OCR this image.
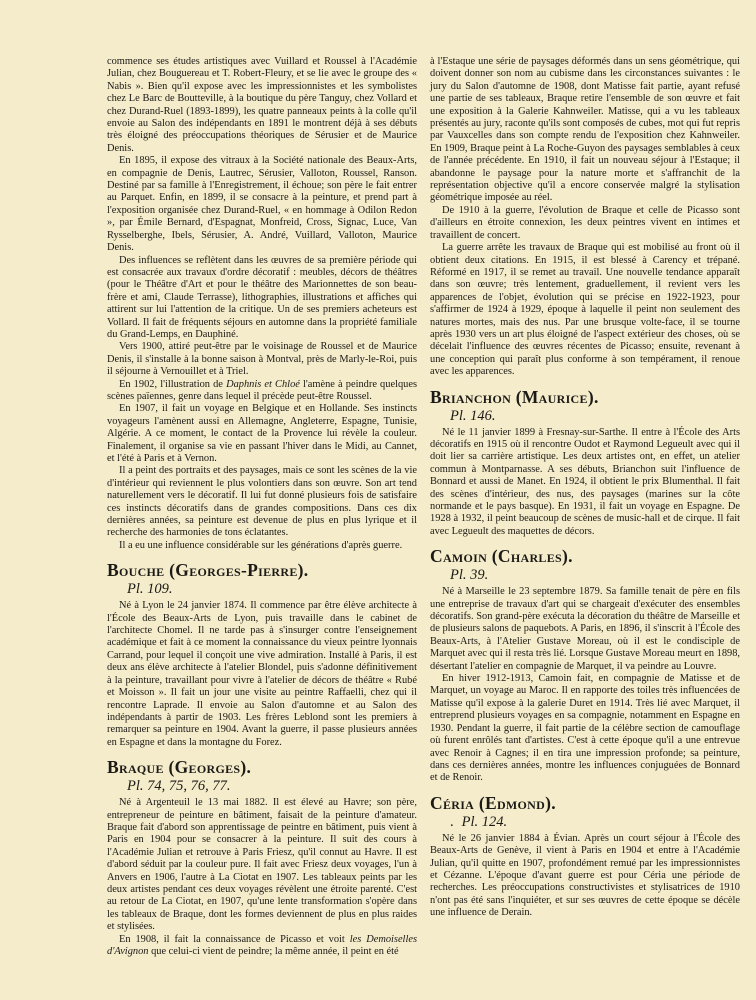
commence ses études artistiques avec Vuillard et Roussel à l'Académie Julian, chez Bouguereau et T. Robert-Fleury, et se lie avec le groupe des « Nabis ». Bien qu'il expose avec les impressionnistes et les symbolistes chez Le Barc de Boutteville, à la boutique du père Tanguy, chez Vollard et chez Durand-Ruel (1893-1899), les quatre panneaux peints à la colle qu'il envoie au Salon des indépendants en 1891 le montrent déjà à ses débuts très éloigné des préoccupations théoriques de Sérusier et de Maurice Denis.

En 1895, il expose des vitraux à la Société nationale des Beaux-Arts, en compagnie de Denis, Lautrec, Sérusier, Valloton, Roussel, Ranson. Destiné par sa famille à l'Enregistrement, il échoue; son père le fait entrer au Parquet. Enfin, en 1899, il se consacre à la peinture, et prend part à l'exposition organisée chez Durand-Ruel, « en hommage à Odilon Redon », par Émile Bernard, d'Espagnat, Monfreid, Cross, Signac, Luce, Van Rysselberghe, Ibels, Sérusier, A. André, Vuillard, Valloton, Maurice Denis.

Des influences se reflètent dans les œuvres de sa première période qui est consacrée aux travaux d'ordre décoratif : meubles, décors de théâtres (pour le Théâtre d'Art et pour le théâtre des Marionnettes de son beau-frère et ami, Claude Terrasse), lithographies, illustrations et affiches qui attirent sur lui l'attention de la critique. Un de ses premiers acheteurs est Vollard. Il fait de fréquents séjours en automne dans la propriété familiale du Grand-Lemps, en Dauphiné.

Vers 1900, attiré peut-être par le voisinage de Roussel et de Maurice Denis, il s'installe à la bonne saison à Montval, près de Marly-le-Roi, puis il séjourne à Vernouillet et à Triel.

En 1902, l'illustration de Daphnis et Chloé l'amène à peindre quelques scènes païennes, genre dans lequel il précède peut-être Roussel.

En 1907, il fait un voyage en Belgique et en Hollande. Ses instincts voyageurs l'amènent aussi en Allemagne, Angleterre, Espagne, Tunisie, Algérie. A ce moment, le contact de la Provence lui révèle la couleur. Finalement, il organise sa vie en passant l'hiver dans le Midi, au Cannet, et l'été à Paris et à Vernon.

Il a peint des portraits et des paysages, mais ce sont les scènes de la vie d'intérieur qui reviennent le plus volontiers dans son œuvre. Son art tend naturellement vers le décoratif. Il lui fut donné plusieurs fois de satisfaire ces instincts décoratifs dans de grandes compositions. Dans ces dix dernières années, sa peinture est devenue de plus en plus lyrique et il recherche des harmonies de tons éclatantes.

Il a eu une influence considérable sur les générations d'après guerre.

Bouche (Georges-Pierre).
Pl. 109.

Né à Lyon le 24 janvier 1874. Il commence par être élève architecte à l'École des Beaux-Arts de Lyon, puis travaille dans le cabinet de l'architecte Chomel. Il ne tarde pas à s'insurger contre l'enseignement académique et fait à ce moment la connaissance du vieux peintre lyonnais Carrand, pour lequel il conçoit une vive admiration. Installé à Paris, il est deux ans élève architecte à l'atelier Blondel, puis s'adonne définitivement à la peinture, travaillant pour vivre à l'atelier de décors de théâtre « Rubé et Moisson ». Il fait un jour une visite au peintre Raffaelli, chez qui il rencontre Laprade. Il envoie au Salon d'automne et au Salon des indépendants à partir de 1903. Les frères Leblond sont les premiers à remarquer sa peinture en 1904. Avant la guerre, il passe plusieurs années en Espagne et dans la montagne du Forez.

Braque (Georges).
Pl. 74, 75, 76, 77.

Né à Argenteuil le 13 mai 1882. Il est élevé au Havre; son père, entrepreneur de peinture en bâtiment, faisait de la peinture d'amateur. Braque fait d'abord son apprentissage de peintre en bâtiment, puis vient à Paris en 1904 pour se consacrer à la peinture. Il suit des cours à l'Académie Julian et retrouve à Paris Friesz, qu'il connut au Havre. Il est d'abord séduit par la couleur pure. Il fait avec Friesz deux voyages, l'un à Anvers en 1906, l'autre à La Ciotat en 1907. Les tableaux peints par les deux artistes pendant ces deux voyages révèlent une étroite parenté. C'est au retour de La Ciotat, en 1907, qu'une lente transformation s'opère dans les tableaux de Braque, dont les formes deviennent de plus en plus raides et stylisées.

En 1908, il fait la connaissance de Picasso et voit les Demoiselles d'Avignon que celui-ci vient de peindre; la même année, il peint en été

à l'Estaque une série de paysages déformés dans un sens géométrique, qui doivent donner son nom au cubisme dans les circonstances suivantes : le jury du Salon d'automne de 1908, dont Matisse fait partie, ayant refusé une partie de ses tableaux, Braque retire l'ensemble de son œuvre et fait une exposition à la Galerie Kahnweiler. Matisse, qui a vu les tableaux présentés au jury, raconte qu'ils sont composés de cubes, mot qui fut repris par Vauxcelles dans son compte rendu de l'exposition chez Kahnweiler. En 1909, Braque peint à La Roche-Guyon des paysages semblables à ceux de l'année précédente. En 1910, il fait un nouveau séjour à l'Estaque; il abandonne le paysage pour la nature morte et s'affranchit de la représentation objective qu'il a encore conservée malgré la stylisation géométrique imposée au réel.

De 1910 à la guerre, l'évolution de Braque et celle de Picasso sont d'ailleurs en étroite connexion, les deux peintres vivent en intimes et travaillent de concert.

La guerre arrête les travaux de Braque qui est mobilisé au front où il obtient deux citations. En 1915, il est blessé à Carency et trépané. Réformé en 1917, il se remet au travail. Une nouvelle tendance apparaît dans son œuvre; très lentement, graduellement, il revient vers les apparences de l'objet, évolution qui se précise en 1922-1923, pour s'affirmer de 1924 à 1929, époque à laquelle il peint non seulement des natures mortes, mais des nus. Par une brusque volte-face, il se tourne après 1930 vers un art plus éloigné de l'aspect extérieur des choses, où se décelait l'influence des œuvres récentes de Picasso; ensuite, revenant à une conception qui paraît plus conforme à son tempérament, il renoue avec les apparences.

Brianchon (Maurice).
Pl. 146.

Né le 11 janvier 1899 à Fresnay-sur-Sarthe. Il entre à l'École des Arts décoratifs en 1915 où il rencontre Oudot et Raymond Legueult avec qui il doit lier sa carrière artistique. Les deux artistes ont, en effet, un atelier commun à Montparnasse. A ses débuts, Brianchon suit l'influence de Bonnard et aussi de Manet. En 1924, il obtient le prix Blumenthal. Il fait des scènes d'intérieur, des nus, des paysages (marines sur la côte normande et le pays basque). En 1931, il fait un voyage en Espagne. De 1928 à 1932, il peint beaucoup de scènes de music-hall et de cirque. Il fait avec Legueult des maquettes de décors.

Camoin (Charles).
Pl. 39.

Né à Marseille le 23 septembre 1879. Sa famille tenait de père en fils une entreprise de travaux d'art qui se chargeait d'exécuter des ensembles décoratifs. Son grand-père exécuta la décoration du théâtre de Marseille et de plusieurs salons de paquebots. A Paris, en 1896, il s'inscrit à l'École des Beaux-Arts, à l'Atelier Gustave Moreau, où il est le condisciple de Marquet avec qui il resta très lié. Lorsque Gustave Moreau meurt en 1898, désertant l'atelier en compagnie de Marquet, il va peindre au Louvre.

En hiver 1912-1913, Camoin fait, en compagnie de Matisse et de Marquet, un voyage au Maroc. Il en rapporte des toiles très influencées de Matisse qu'il expose à la galerie Duret en 1914. Très lié avec Marquet, il entreprend plusieurs voyages en sa compagnie, notamment en Espagne en 1930. Pendant la guerre, il fait partie de la célèbre section de camouflage où furent enrôlés tant d'artistes. C'est à cette époque qu'il a une entrevue avec Renoir à Cagnes; il en tira une impression profonde; sa peinture, dans ces dernières années, montre les influences conjuguées de Bonnard et de Renoir.

Céria (Edmond).
. Pl. 124.

Né le 26 janvier 1884 à Évian. Après un court séjour à l'École des Beaux-Arts de Genève, il vient à Paris en 1904 et entre à l'Académie Julian, qu'il quitte en 1907, profondément remué par les impressionnistes et Cézanne. L'époque d'avant guerre est pour Céria une période de recherches. Les préoccupations constructivistes et stylisatrices de 1910 n'ont pas été sans l'inquiéter, et sur ses œuvres de cette époque se décèle une influence de Derain.
